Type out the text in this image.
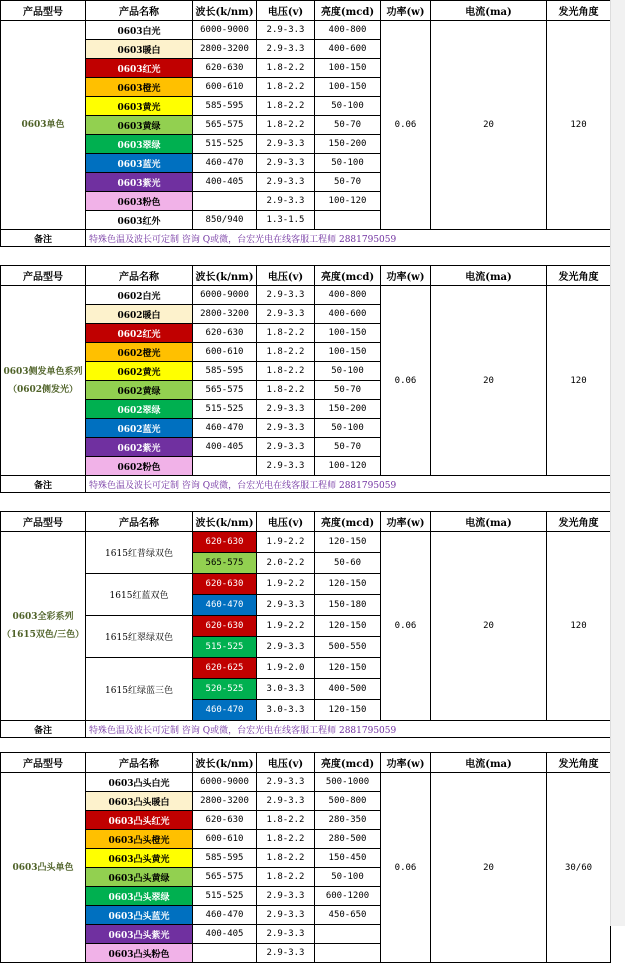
产品型号	产品名称	波长(k/nm)	电压(v)	亮度(mcd)	功率(w)	电流(ma)	发光角度
0603单色	0603白光	6000-9000	2.9-3.3	400-800	0.06	20	120
	0603暖白	2800-3200	2.9-3.3	400-600			
	0603红光	620-630	1.8-2.2	100-150			
	0603橙光	600-610	1.8-2.2	100-150			
	0603黄光	585-595	1.8-2.2	50-100			
	0603黄绿	565-575	1.8-2.2	50-70			
	0603翠绿	515-525	2.9-3.3	150-200			
	0603蓝光	460-470	2.9-3.3	50-100			
	0603紫光	400-405	2.9-3.3	50-70			
	0603粉色		2.9-3.3	100-120			
	0603红外	850/940	1.3-1.5				
备注	特殊色温及波长可定制 咨询 Q或微，台宏光电在线客服工程师 2881795059						
产品型号	产品名称	波长(k/nm)	电压(v)	亮度(mcd)	功率(w)	电流(ma)	发光角度
0603侧发单色系列（0602侧发光）	0602白光	6000-9000	2.9-3.3	400-800	0.06	20	120
	0602暖白	2800-3200	2.9-3.3	400-600			
	0602红光	620-630	1.8-2.2	100-150			
	0602橙光	600-610	1.8-2.2	100-150			
	0602黄光	585-595	1.8-2.2	50-100			
	0602黄绿	565-575	1.8-2.2	50-70			
	0602翠绿	515-525	2.9-3.3	150-200			
	0602蓝光	460-470	2.9-3.3	50-100			
	0602紫光	400-405	2.9-3.3	50-70			
	0602粉色		2.9-3.3	100-120			
备注	特殊色温及波长可定制 咨询 Q或微，台宏光电在线客服工程师 2881795059						
产品型号	产品名称	波长(k/nm)	电压(v)	亮度(mcd)	功率(w)	电流(ma)	发光角度
0603全彩系列（1615双色/三色）	1615红普绿双色	620-630	1.9-2.2	120-150	0.06	20	120
		565-575	2.0-2.2	50-60			
	1615红蓝双色	620-630	1.9-2.2	120-150			
		460-470	2.9-3.3	150-180			
	1615红翠绿双色	620-630	1.9-2.2	120-150			
		515-525	2.9-3.3	500-550			
	1615红绿蓝三色	620-625	1.9-2.0	120-150			
		520-525	3.0-3.3	400-500			
		460-470	3.0-3.3	120-150			
备注	特殊色温及波长可定制 咨询 Q或微，台宏光电在线客服工程师 2881795059						
产品型号	产品名称	波长(k/nm)	电压(v)	亮度(mcd)	功率(w)	电流(ma)	发光角度
0603凸头单色	0603凸头白光	6000-9000	2.9-3.3	500-1000	0.06	20	30/60
	0603凸头暖白	2800-3200	2.9-3.3	500-800			
	0603凸头红光	620-630	1.8-2.2	280-350			
	0603凸头橙光	600-610	1.8-2.2	280-500			
	0603凸头黄光	585-595	1.8-2.2	150-450			
	0603凸头黄绿	565-575	1.8-2.2	50-100			
	0603凸头翠绿	515-525	2.9-3.3	600-1200			
	0603凸头蓝光	460-470	2.9-3.3	450-650			
	0603凸头紫光	400-405	2.9-3.3				
	0603凸头粉色		2.9-3.3				
